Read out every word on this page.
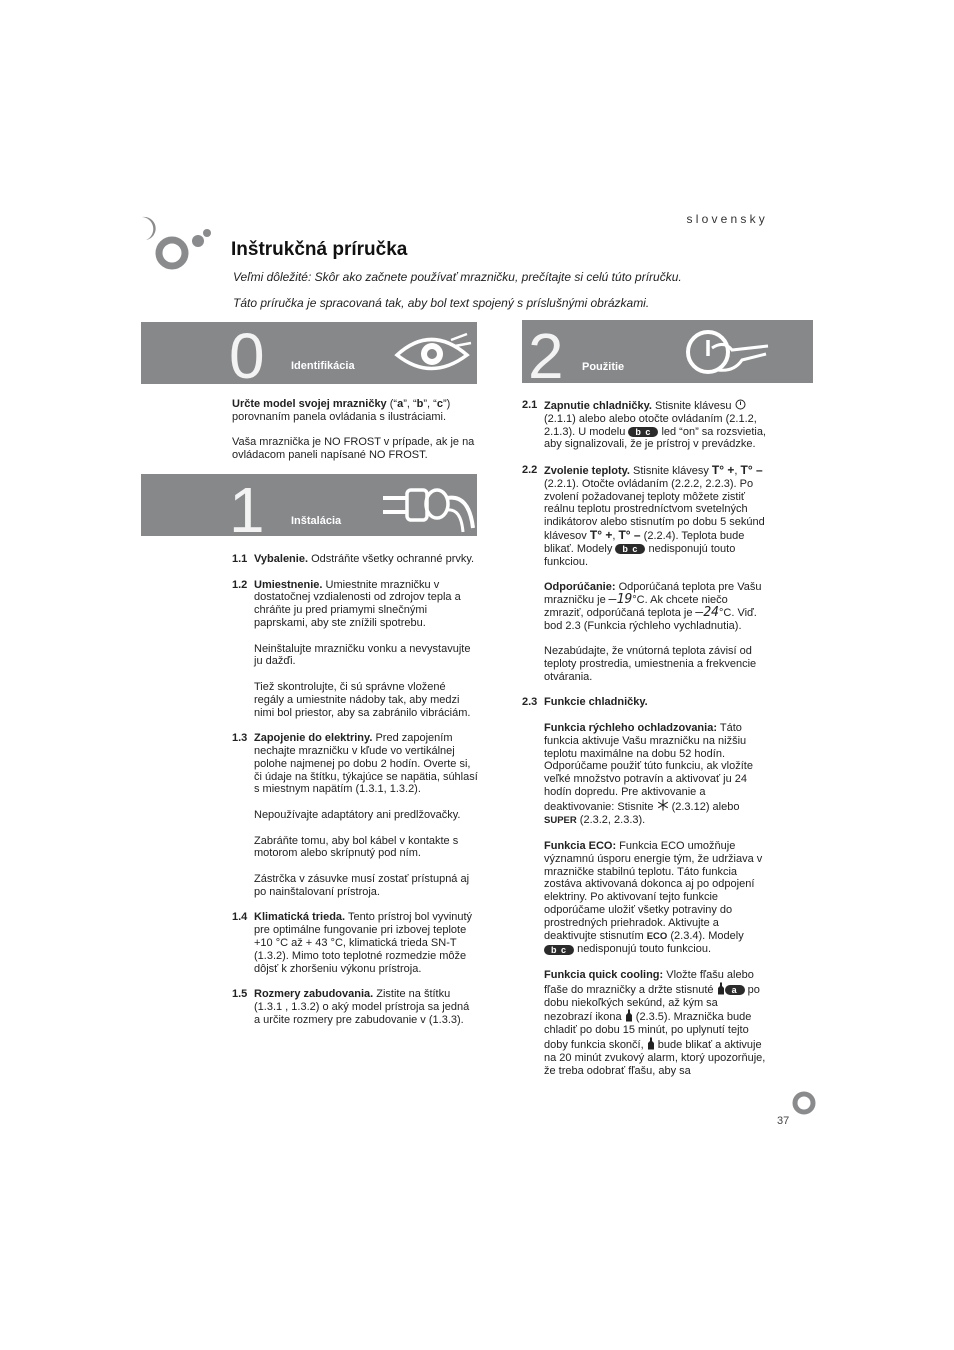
slovensky
Inštrukčná príručka

Veľmi dôležité: Skôr ako začnete používať mrazničku, prečítajte si celú túto príručku.

Táto príručka je spracovaná tak, aby bol text spojený s príslušnými obrázkami.

0 Identifikácia
1 Inštalácia
2 Použitie

Určte model svojej mrazničky (“a”, “b”, “c”) porovnaním panela ovládania s ilustráciami.

Vaša mraznička je NO FROST v prípade, ak je na ovládacom paneli napísané NO FROST.

1.1 Vybalenie. Odstráňte všetky ochranné prvky.

1.2 Umiestnenie. Umiestnite mrazničku v dostatočnej vzdialenosti od zdrojov tepla a chráňte ju pred priamymi slnečnými paprskami, aby ste znížili spotrebu.

Neinštalujte mrazničku vonku a nevystavujte ju dažďi.

Tiež skontrolujte, či sú správne vložené regály a umiestnite nádoby tak, aby medzi nimi bol priestor, aby sa zabránilo vibráciám.

1.3 Zapojenie do elektriny. Pred zapojením nechajte mrazničku v kľude vo vertikálnej polohe najmenej po dobu 2 hodín. Overte si, či údaje na štítku, týkajúce se napätia, súhlasí s miestnym napätím (1.3.1, 1.3.2).

Nepoužívajte adaptátory ani predlžovačky.

Zabráňte tomu, aby bol kábel v kontakte s motorom alebo skrípnutý pod ním.

Zástrčka v zásuvke musí zostať prístupná aj po nainštalovaní prístroja.

1.4 Klimatická trieda. Tento prístroj bol vyvinutý pre optimálne fungovanie pri izbovej teplote +10 °C až + 43 °C, klimatická trieda SN-T (1.3.2). Mimo toto teplotné rozmedzie môže dôjsť k zhoršeniu výkonu prístroja.

1.5 Rozmery zabudovania. Zistite na štítku (1.3.1 , 1.3.2) o aký model prístroja sa jedná a určite rozmery pre zabudovanie v (1.3.3).

2.1 Zapnutie chladničky. Stisnite klávesu  (2.1.1) alebo alebo otočte ovládaním (2.1.2, 2.1.3). U modelu b c led “on” sa rozsvietia, aby signalizovali, že je prístroj v prevádzke.

2.2 Zvolenie teploty. Stisnite klávesy T° +, T° – (2.2.1). Otočte ovládaním (2.2.2, 2.2.3). Po zvolení požadovanej teploty môžete zistiť reálnu teplotu prostredníctvom svetelných indikátorov alebo stisnutím po dobu 5 sekúnd klávesov T° +, T° – (2.2.4). Teplota bude blikať. Modely b c nedisponujú touto funkciou.

Odporúčanie: Odporúčaná teplota pre Vašu mrazničku je –19°C. Ak chcete niečo zmraziť, odporúčaná teplota je –24°C. Viď. bod 2.3 (Funkcia rýchleho vychladnutia).

Nezabúdajte, že vnútorná teplota závisí od teploty prostredia, umiestnenia a frekvencie otvárania.

2.3 Funkcie chladničky.

Funkcia rýchleho ochladzovania: Táto funkcia aktivuje Vašu mrazničku na nižšiu teplotu maximálne na dobu 52 hodín. Odporúčame použiť túto funkciu, ak vložíte veľké množstvo potravín a aktivovať ju 24 hodín dopredu. Pre aktivovanie a deaktivovanie: Stisnite  (2.3.12) alebo SUPER (2.3.2, 2.3.3).

Funkcia ECO: Funkcia ECO umožňuje významnú úsporu energie tým, že udržiava v mrazničke stabilnú teplotu. Táto funkcia zostáva aktivovaná dokonca aj po odpojení elektriny. Po aktivovaní tejto funkcie odporúčame uložiť všetky potraviny do prostredných priehradok. Aktivujte a deaktivujte stisnutím ECO (2.3.4). Modely b c nedisponujú touto funkciou.

Funkcia quick cooling: Vložte fľašu alebo fľaše do mrazničky a držte stisnuté a po dobu niekoľkých sekúnd, až kým sa nezobrazí ikona  (2.3.5). Mraznička bude chladiť po dobu 15 minút, po uplynutí tejto doby funkcia skončí,  bude blikať a aktivuje na 20 minút zvukový alarm, ktorý upozorňuje, že treba odobrať fľašu, aby sa

37
